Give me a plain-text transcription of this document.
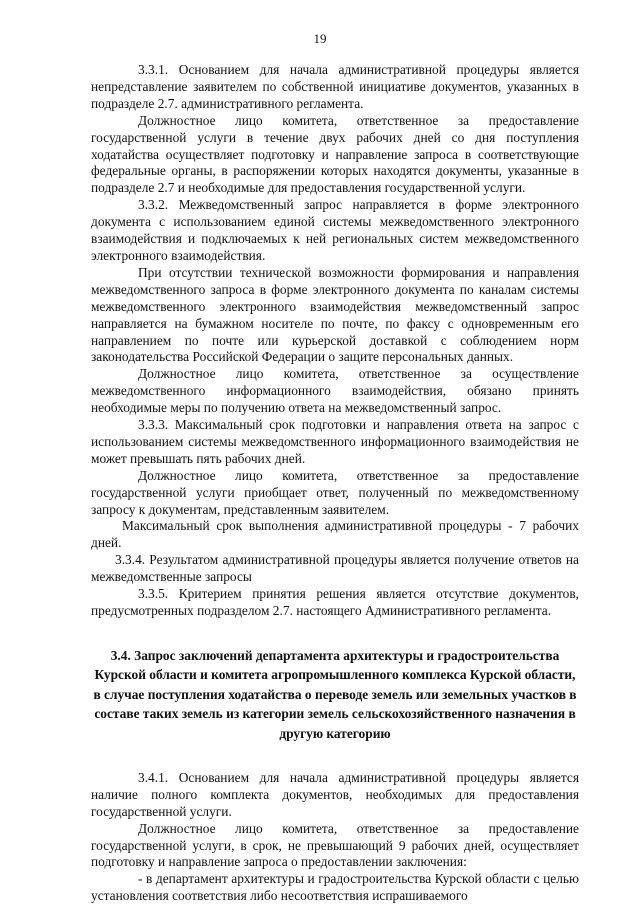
19

3.3.1. Основанием для начала административной процедуры является непредставление заявителем по собственной инициативе документов, указанных в подразделе 2.7. административного регламента.

Должностное лицо комитета, ответственное за предоставление государственной услуги в течение двух рабочих дней со дня поступления ходатайства осуществляет подготовку и направление запроса в соответствующие федеральные органы, в распоряжении которых находятся документы, указанные в подразделе 2.7 и необходимые для предоставления государственной услуги.

3.3.2. Межведомственный запрос направляется в форме электронного документа с использованием единой системы межведомственного электронного взаимодействия и подключаемых к ней региональных систем межведомственного электронного взаимодействия.

При отсутствии технической возможности формирования и направления межведомственного запроса в форме электронного документа по каналам системы межведомственного электронного взаимодействия межведомственный запрос направляется на бумажном носителе по почте, по факсу с одновременным его направлением по почте или курьерской доставкой с соблюдением норм законодательства Российской Федерации о защите персональных данных.

Должностное лицо комитета, ответственное за осуществление межведомственного информационного взаимодействия, обязано принять необходимые меры по получению ответа на межведомственный запрос.

3.3.3. Максимальный срок подготовки и направления ответа на запрос с использованием системы межведомственного информационного взаимодействия не может превышать пять рабочих дней.

Должностное лицо комитета, ответственное за предоставление государственной услуги приобщает ответ, полученный по межведомственному запросу к документам, представленным заявителем.

Максимальный срок выполнения административной процедуры - 7 рабочих дней.

3.3.4. Результатом административной процедуры является получение ответов на межведомственные запросы

3.3.5. Критерием принятия решения является отсутствие документов, предусмотренных подразделом 2.7. настоящего Административного регламента.

3.4. Запрос заключений департамента архитектуры и градостроительства Курской области и комитета агропромышленного комплекса Курской области, в случае поступления ходатайства о переводе земель или земельных участков в составе таких земель из категории земель сельскохозяйственного назначения в другую категорию

3.4.1. Основанием для начала административной процедуры является наличие полного комплекта документов, необходимых для предоставления государственной услуги.

Должностное лицо комитета, ответственное за предоставление государственной услуги, в срок, не превышающий 9 рабочих дней, осуществляет подготовку и направление запроса о предоставлении заключения:

- в департамент архитектуры и градостроительства Курской области с целью установления соответствия либо несоответствия испрашиваемого
